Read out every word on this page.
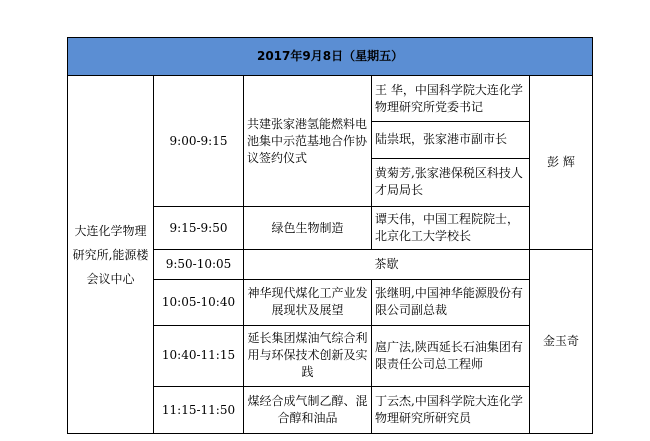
2017年9月8日（星期五）				
大连化学物理研究所,能源楼会议中心	9:00-9:15	共建张家港氢能燃料电池集中示范基地合作协议签约仪式	王 华，中国科学院大连化学物理研究所党委书记	彭 辉
			陆祟珉，张家港市副市长	
			黄菊芳,张家港保税区科技人才局局长	
	9:15-9:50	绿色生物制造	谭天伟，中国工程院院士，北京化工大学校长	
	9:50-10:05	茶歇		金玉奇
	10:05-10:40	神华现代煤化工产业发展现状及展望	张继明,中国神华能源股份有限公司副总裁	
	10:40-11:15	延长集团煤油气综合利用与环保技术创新及实践	扈广法,陕西延长石油集团有限责任公司总工程师	
	11:15-11:50	煤经合成气制乙醇、混合醇和油品	丁云杰,中国科学院大连化学物理研究所研究员	
